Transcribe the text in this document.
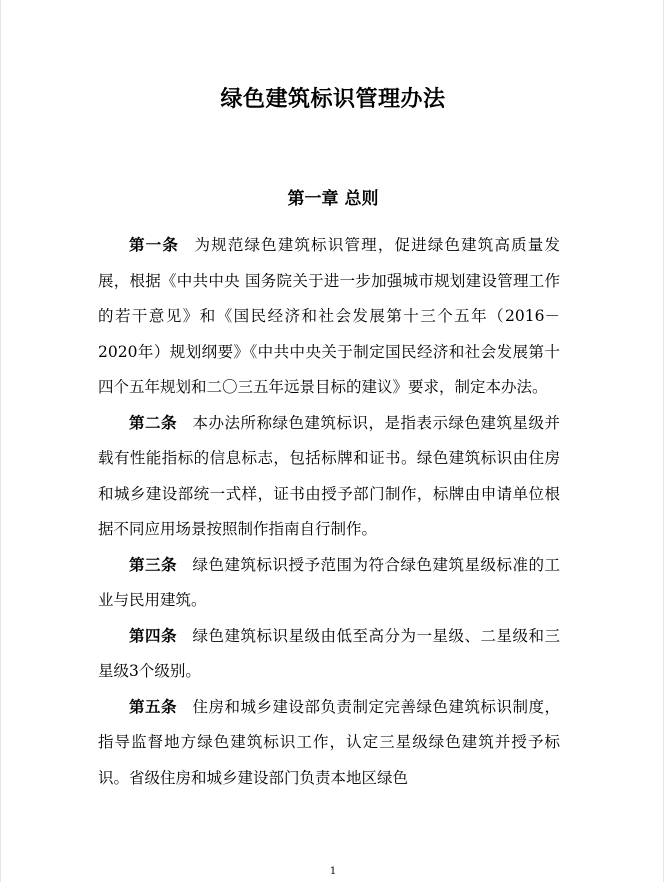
绿色建筑标识管理办法
第一章 总则

第一条 为规范绿色建筑标识管理，促进绿色建筑高质量发展，根据《中共中央 国务院关于进一步加强城市规划建设管理工作的若干意见》和《国民经济和社会发展第十三个五年（2016－2020年）规划纲要》《中共中央关于制定国民经济和社会发展第十四个五年规划和二〇三五年远景目标的建议》要求，制定本办法。

第二条 本办法所称绿色建筑标识，是指表示绿色建筑星级并载有性能指标的信息标志，包括标牌和证书。绿色建筑标识由住房和城乡建设部统一式样，证书由授予部门制作，标牌由申请单位根据不同应用场景按照制作指南自行制作。

第三条 绿色建筑标识授予范围为符合绿色建筑星级标准的工业与民用建筑。

第四条 绿色建筑标识星级由低至高分为一星级、二星级和三星级3个级别。

第五条 住房和城乡建设部负责制定完善绿色建筑标识制度，指导监督地方绿色建筑标识工作，认定三星级绿色建筑并授予标识。省级住房和城乡建设部门负责本地区绿色

1
